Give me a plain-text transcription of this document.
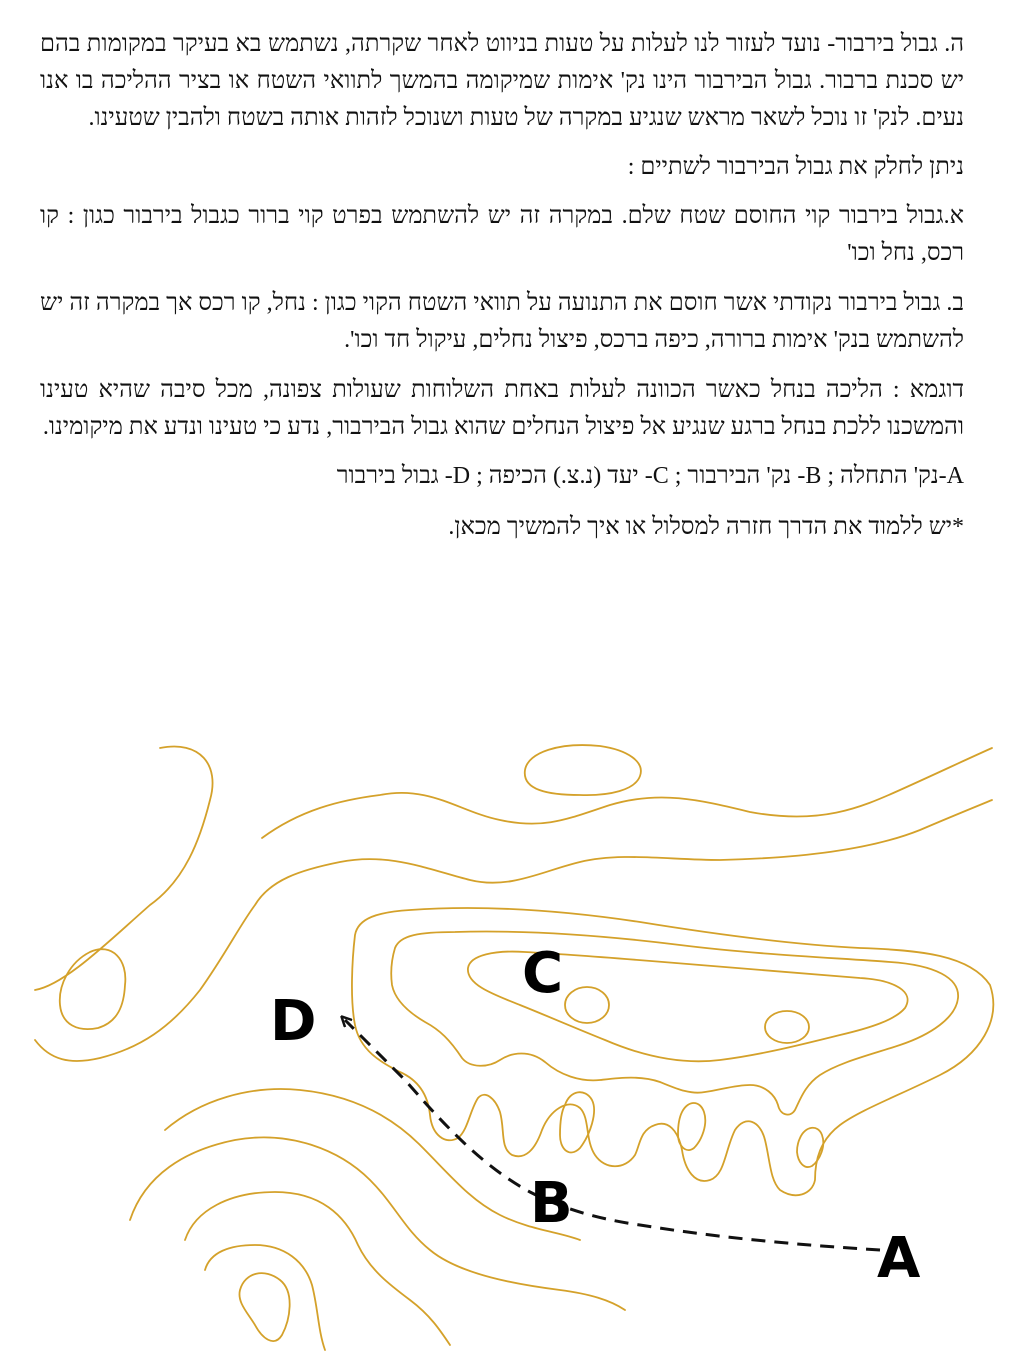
ה. גבול בירבור- נועד לעזור לנו לעלות על טעות בניווט לאחר שקרתה, נשתמש בא בעיקר במקומות בהם יש סכנת ברבור. גבול הבירבור הינו נק' אימות שמיקומה בהמשך לתוואי השטח או בציר ההליכה בו אנו נעים. לנק' זו נוכל לשאר מראש שנגיע במקרה של טעות ושנוכל לזהות אותה בשטח ולהבין שטעינו.

ניתן לחלק את גבול הבירבור לשתיים :

א.גבול בירבור קוי החוסם שטח שלם. במקרה זה יש להשתמש בפרט קוי ברור כגבול בירבור כגון : קו רכס, נחל וכו'

ב. גבול בירבור נקודתי אשר חוסם את התנועה על תוואי השטח הקוי כגון : נחל, קו רכס אך במקרה זה יש להשתמש בנק' אימות ברורה, כיפה ברכס, פיצול נחלים, עיקול חד וכו'.

דוגמא : הליכה בנחל כאשר הכוונה לעלות באחת השלוחות שעולות צפונה, מכל סיבה שהיא טעינו והמשכנו ללכת בנחל ברגע שנגיע אל פיצול הנחלים שהוא גבול הבירבור, נדע כי טעינו ונדע את מיקומינו.

A-נק' התחלה ; B- נק' הבירבור ; C- יעד (נ.צ.) הכיפה ; D- גבול בירבור

*יש ללמוד את הדרך חזרה למסלול או איך להמשיך מכאן.

C
D
B
A
